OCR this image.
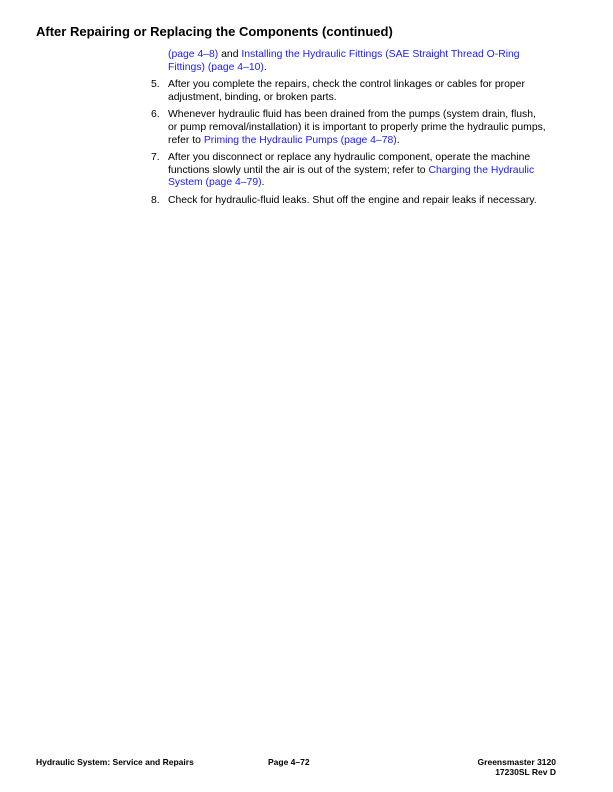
After Repairing or Replacing the Components (continued)

(page 4–8) and Installing the Hydraulic Fittings (SAE Straight Thread O-Ring Fittings) (page 4–10).

5. After you complete the repairs, check the control linkages or cables for proper adjustment, binding, or broken parts.
6. Whenever hydraulic fluid has been drained from the pumps (system drain, flush, or pump removal/installation) it is important to properly prime the hydraulic pumps, refer to Priming the Hydraulic Pumps (page 4–78).
7. After you disconnect or replace any hydraulic component, operate the machine functions slowly until the air is out of the system; refer to Charging the Hydraulic System (page 4–79).
8. Check for hydraulic-fluid leaks. Shut off the engine and repair leaks if necessary.
Hydraulic System: Service and Repairs	Page 4–72	Greensmaster 3120
17230SL Rev D
